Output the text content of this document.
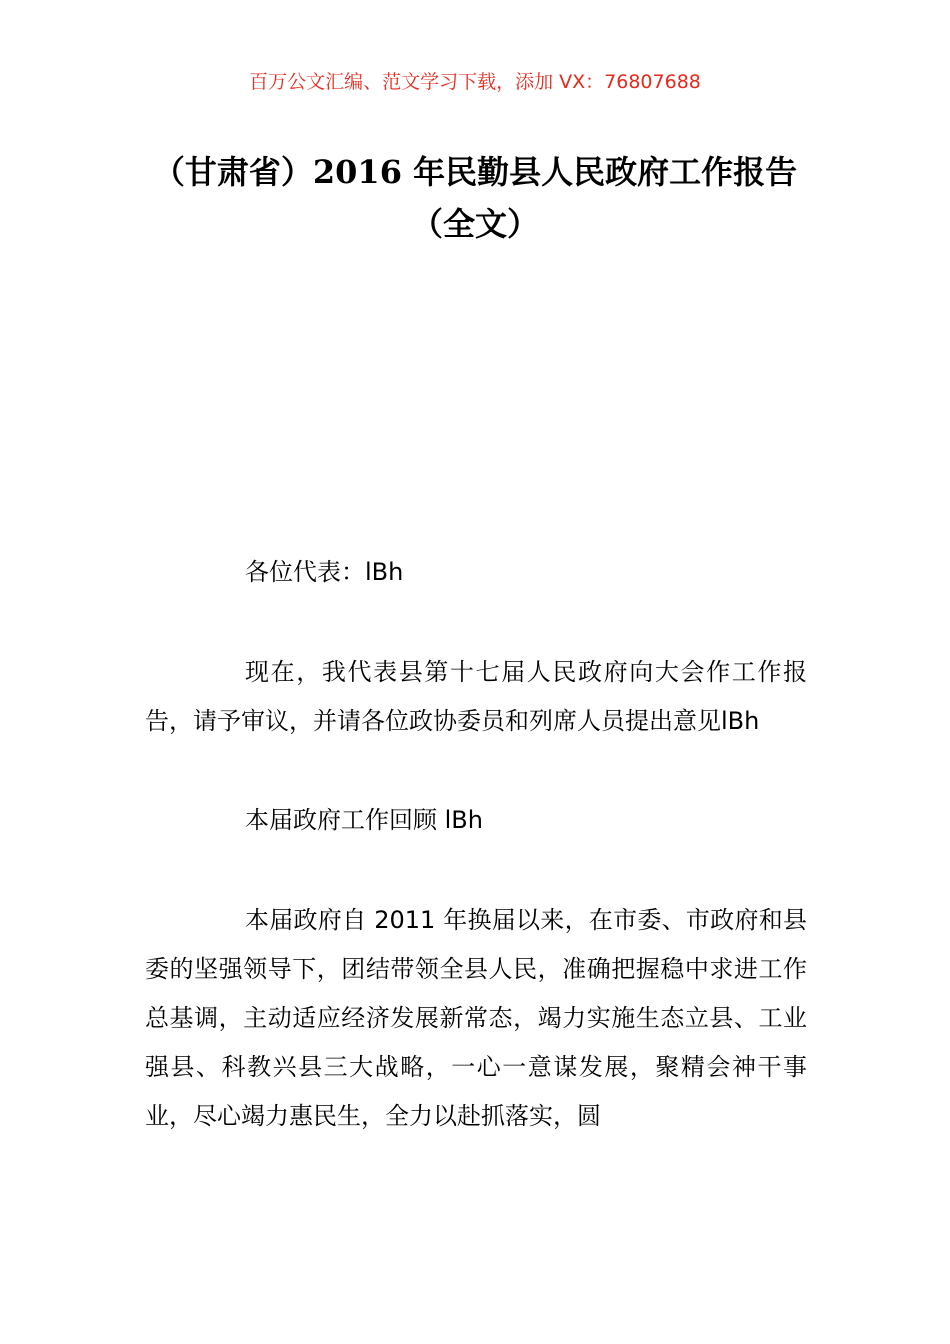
百万公文汇编、范文学习下载，添加 VX：76807688
（甘肃省）2016 年民勤县人民政府工作报告（全文）

各位代表：lBh

现在，我代表县第十七届人民政府向大会作工作报告，请予审议，并请各位政协委员和列席人员提出意见lBh

本届政府工作回顾 lBh

本届政府自 2011 年换届以来，在市委、市政府和县委的坚强领导下，团结带领全县人民，准确把握稳中求进工作总基调，主动适应经济发展新常态，竭力实施生态立县、工业强县、科教兴县三大战略，一心一意谋发展，聚精会神干事业，尽心竭力惠民生，全力以赴抓落实，圆
